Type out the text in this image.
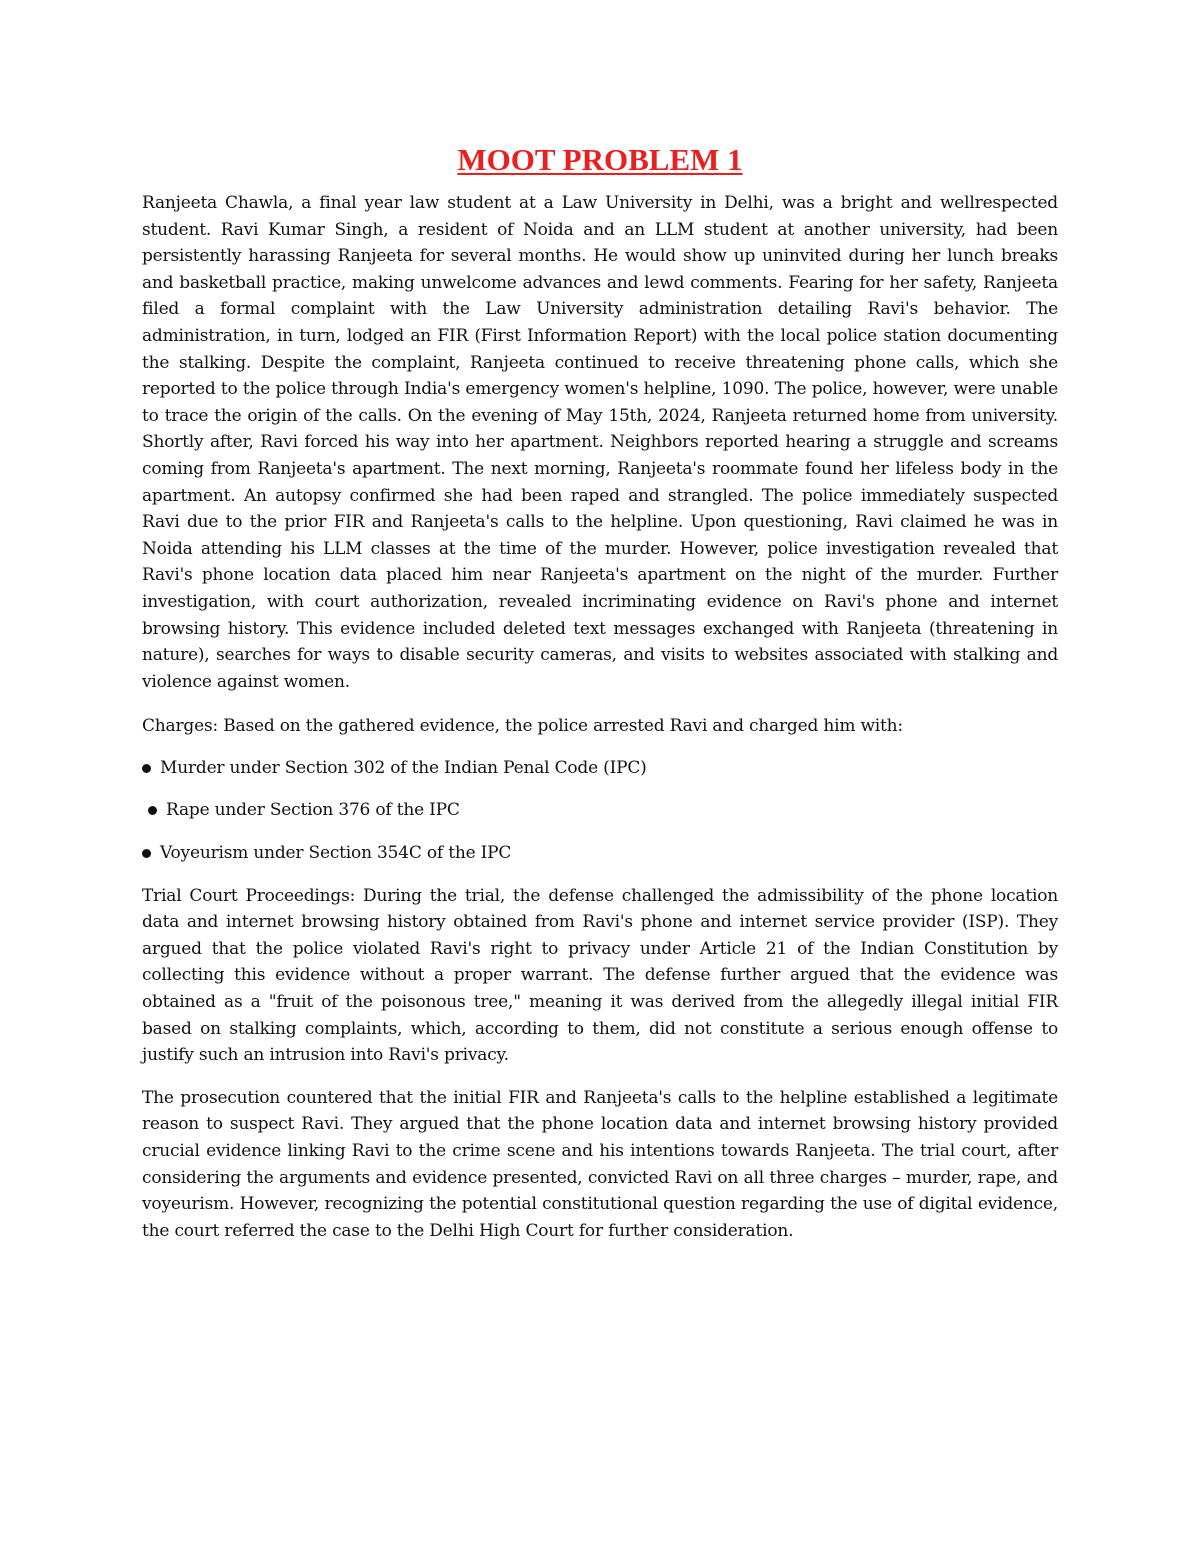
MOOT PROBLEM 1

Ranjeeta Chawla, a final year law student at a Law University in Delhi, was a bright and wellrespected student. Ravi Kumar Singh, a resident of Noida and an LLM student at another university, had been persistently harassing Ranjeeta for several months. He would show up uninvited during her lunch breaks and basketball practice, making unwelcome advances and lewd comments. Fearing for her safety, Ranjeeta filed a formal complaint with the Law University administration detailing Ravi's behavior. The administration, in turn, lodged an FIR (First Information Report) with the local police station documenting the stalking. Despite the complaint, Ranjeeta continued to receive threatening phone calls, which she reported to the police through India's emergency women's helpline, 1090. The police, however, were unable to trace the origin of the calls. On the evening of May 15th, 2024, Ranjeeta returned home from university. Shortly after, Ravi forced his way into her apartment. Neighbors reported hearing a struggle and screams coming from Ranjeeta's apartment. The next morning, Ranjeeta's roommate found her lifeless body in the apartment. An autopsy confirmed she had been raped and strangled. The police immediately suspected Ravi due to the prior FIR and Ranjeeta's calls to the helpline. Upon questioning, Ravi claimed he was in Noida attending his LLM classes at the time of the murder. However, police investigation revealed that Ravi's phone location data placed him near Ranjeeta's apartment on the night of the murder. Further investigation, with court authorization, revealed incriminating evidence on Ravi's phone and internet browsing history. This evidence included deleted text messages exchanged with Ranjeeta (threatening in nature), searches for ways to disable security cameras, and visits to websites associated with stalking and violence against women.

Charges: Based on the gathered evidence, the police arrested Ravi and charged him with:

Murder under Section 302 of the Indian Penal Code (IPC)
Rape under Section 376 of the IPC
Voyeurism under Section 354C of the IPC

Trial Court Proceedings: During the trial, the defense challenged the admissibility of the phone location data and internet browsing history obtained from Ravi's phone and internet service provider (ISP). They argued that the police violated Ravi's right to privacy under Article 21 of the Indian Constitution by collecting this evidence without a proper warrant. The defense further argued that the evidence was obtained as a "fruit of the poisonous tree," meaning it was derived from the allegedly illegal initial FIR based on stalking complaints, which, according to them, did not constitute a serious enough offense to justify such an intrusion into Ravi's privacy.

The prosecution countered that the initial FIR and Ranjeeta's calls to the helpline established a legitimate reason to suspect Ravi. They argued that the phone location data and internet browsing history provided crucial evidence linking Ravi to the crime scene and his intentions towards Ranjeeta. The trial court, after considering the arguments and evidence presented, convicted Ravi on all three charges – murder, rape, and voyeurism. However, recognizing the potential constitutional question regarding the use of digital evidence, the court referred the case to the Delhi High Court for further consideration.
